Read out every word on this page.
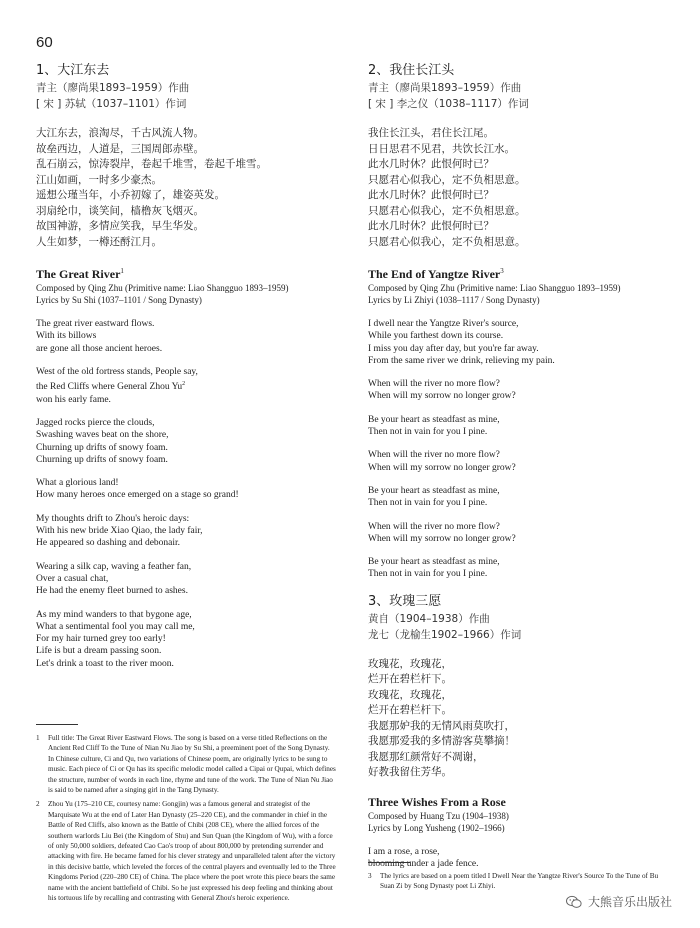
60

1、大江东去

青主（廖尚果1893–1959）作曲

[ 宋 ] 苏轼（1037–1101）作词

大江东去，浪淘尽，千古风流人物。
故垒西边，人道是，三国周郎赤壁。
乱石崩云，惊涛裂岸，卷起千堆雪，卷起千堆雪。
江山如画，一时多少豪杰。
遥想公瑾当年，小乔初嫁了，雄姿英发。
羽扇纶巾，谈笑间，樯橹灰飞烟灭。
故国神游，多情应笑我，早生华发。
人生如梦，一樽还酹江月。

The Great River$^1$

Composed by Qing Zhu (Primitive name: Liao Shangguo 1893–1959)

Lyrics by Su Shi (1037–1101 / Song Dynasty)

The great river eastward flows.
With its billows
are gone all those ancient heroes.
West of the old fortress stands, People say,
the Red Cliffs where General Zhou Yu$^2$
won his early fame.
Jagged rocks pierce the clouds,
Swashing waves beat on the shore,
Churning up drifts of snowy foam.
Churning up drifts of snowy foam.
What a glorious land!
How many heroes once emerged on a stage so grand!
My thoughts drift to Zhou's heroic days:
With his new bride Xiao Qiao, the lady fair,
He appeared so dashing and debonair.
Wearing a silk cap, waving a feather fan,
Over a casual chat,
He had the enemy fleet burned to ashes.
As my mind wanders to that bygone age,
What a sentimental fool you may call me,
For my hair turned grey too early!
Life is but a dream passing soon.
Let's drink a toast to the river moon.
1	Full title: The Great River Eastward Flows. The song is based on a verse titled Reflections on the Ancient Red Cliff To the Tune of Nian Nu Jiao by Su Shi, a preeminent poet of the Song Dynasty. In Chinese culture, Ci and Qu, two variations of Chinese poem, are originally lyrics to be sung to music. Each piece of Ci or Qu has its specific melodic model called a Cipai or Qupai, which defines the structure, number of words in each line, rhyme and tune of the work. The Tune of Nian Nu Jiao is said to be named after a singing girl in the Tang Dynasty.
2	Zhou Yu (175–210 CE, courtesy name: Gongjin) was a famous general and strategist of the Marquisate Wu at the end of Later Han Dynasty (25–220 CE), and the commander in chief in the Battle of Red Cliffs, also known as the Battle of Chibi (208 CE), where the allied forces of the southern warlords Liu Bei (the Kingdom of Shu) and Sun Quan (the Kingdom of Wu), with a force of only 50,000 soldiers, defeated Cao Cao's troop of about 800,000 by pretending surrender and attacking with fire. He became famed for his clever strategy and unparalleled talent after the victory in this decisive battle, which leveled the forces of the central players and eventually led to the Three Kingdoms Period (220–280 CE) of China. The place where the poet wrote this piece bears the same name with the ancient battlefield of Chibi. So he just expressed his deep feeling and thinking about his tortuous life by recalling and contrasting with General Zhou's heroic experience.

2、我住长江头

青主（廖尚果1893–1959）作曲

[ 宋 ] 李之仪（1038–1117）作词

我住长江头，君住长江尾。
日日思君不见君，共饮长江水。
此水几时休？此恨何时已？
只愿君心似我心，定不负相思意。
此水几时休？此恨何时已？
只愿君心似我心，定不负相思意。
此水几时休？此恨何时已？
只愿君心似我心，定不负相思意。

The End of Yangtze River$^3$

Composed by Qing Zhu (Primitive name: Liao Shangguo 1893–1959)

Lyrics by Li Zhiyi (1038–1117 / Song Dynasty)

I dwell near the Yangtze River's source,
While you farthest down its course.
I miss you day after day, but you're far away.
From the same river we drink, relieving my pain.
When will the river no more flow?
When will my sorrow no longer grow?
Be your heart as steadfast as mine,
Then not in vain for you I pine.
When will the river no more flow?
When will my sorrow no longer grow?
Be your heart as steadfast as mine,
Then not in vain for you I pine.
When will the river no more flow?
When will my sorrow no longer grow?
Be your heart as steadfast as mine,
Then not in vain for you I pine.

3、玫瑰三愿

黄自（1904–1938）作曲

龙七（龙榆生1902–1966）作词

玫瑰花，玫瑰花，
烂开在碧栏杆下。
玫瑰花，玫瑰花，
烂开在碧栏杆下。
我愿那妒我的无情风雨莫吹打，
我愿那爱我的多情游客莫攀摘！
我愿那红颜常好不凋谢，
好教我留住芳华。

Three Wishes From a Rose

Composed by Huang Tzu (1904–1938)

Lyrics by Long Yusheng (1902–1966)

I am a rose, a rose,
blooming under a jade fence.
3	The lyrics are based on a poem titled I Dwell Near the Yangtze River's Source To the Tune of Bu Suan Zi by Song Dynasty poet Li Zhiyi.
大熊音乐出版社
